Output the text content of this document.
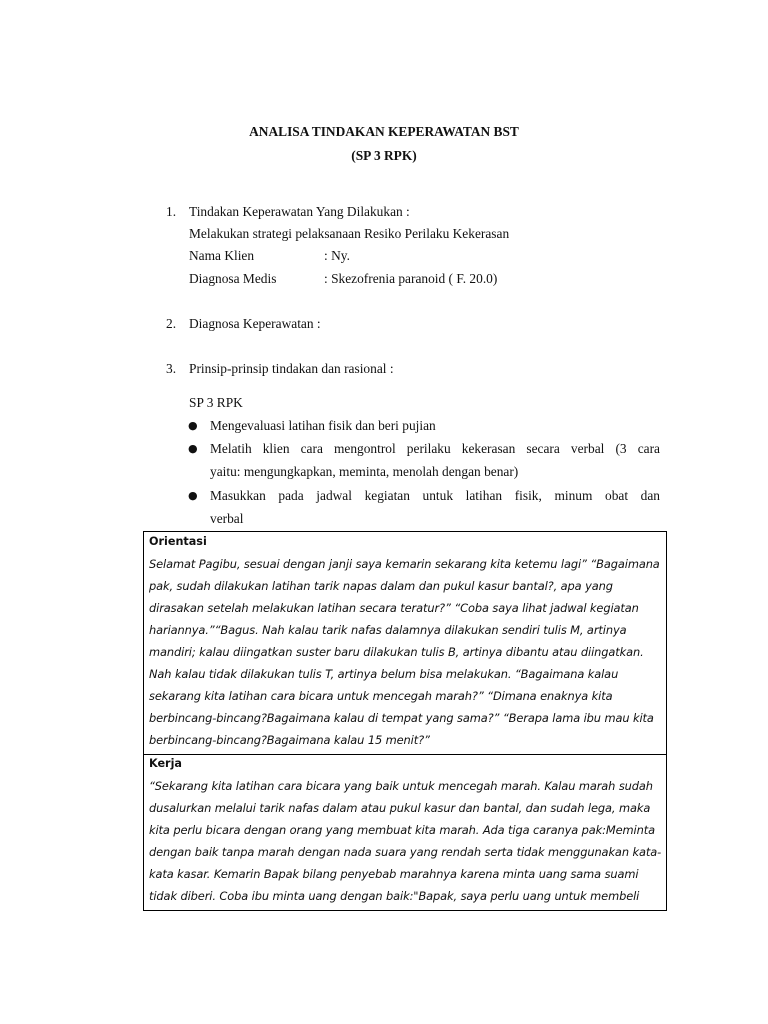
ANALISA TINDAKAN KEPERAWATAN BST
(SP 3 RPK)
1. Tindakan Keperawatan Yang Dilakukan :
Melakukan strategi pelaksanaan Resiko Perilaku Kekerasan
Nama Klien	: Ny.
Diagnosa Medis	: Skezofrenia paranoid ( F. 20.0)
2. Diagnosa Keperawatan :
3. Prinsip-prinsip tindakan dan rasional :
SP 3 RPK
● Mengevaluasi latihan fisik dan beri pujian
● Melatih klien cara mengontrol perilaku kekerasan secara verbal (3 cara
yaitu: mengungkapkan, meminta, menolah dengan benar)
● Masukkan pada jadwal kegiatan untuk latihan fisik, minum obat dan
verbal
Orientasi
Selamat Pagibu, sesuai dengan janji saya kemarin sekarang kita ketemu lagi” “Bagaimana
pak, sudah dilakukan latihan tarik napas dalam dan pukul kasur bantal?, apa yang
dirasakan setelah melakukan latihan secara teratur?” “Coba saya lihat jadwal kegiatan
hariannya.”“Bagus. Nah kalau tarik nafas dalamnya dilakukan sendiri tulis M, artinya
mandiri; kalau diingatkan suster baru dilakukan tulis B, artinya dibantu atau diingatkan.
Nah kalau tidak dilakukan tulis T, artinya belum bisa melakukan. “Bagaimana kalau
sekarang kita latihan cara bicara untuk mencegah marah?” “Dimana enaknya kita
berbincang-bincang?Bagaimana kalau di tempat yang sama?” “Berapa lama ibu mau kita
berbincang-bincang?Bagaimana kalau 15 menit?”
Kerja
“Sekarang kita latihan cara bicara yang baik untuk mencegah marah. Kalau marah sudah
dusalurkan melalui tarik nafas dalam atau pukul kasur dan bantal, dan sudah lega, maka
kita perlu bicara dengan orang yang membuat kita marah. Ada tiga caranya pak:Meminta
dengan baik tanpa marah dengan nada suara yang rendah serta tidak menggunakan kata-
kata kasar. Kemarin Bapak bilang penyebab marahnya karena minta uang sama suami
tidak diberi. Coba ibu minta uang dengan baik:"Bapak, saya perlu uang untuk membeli
